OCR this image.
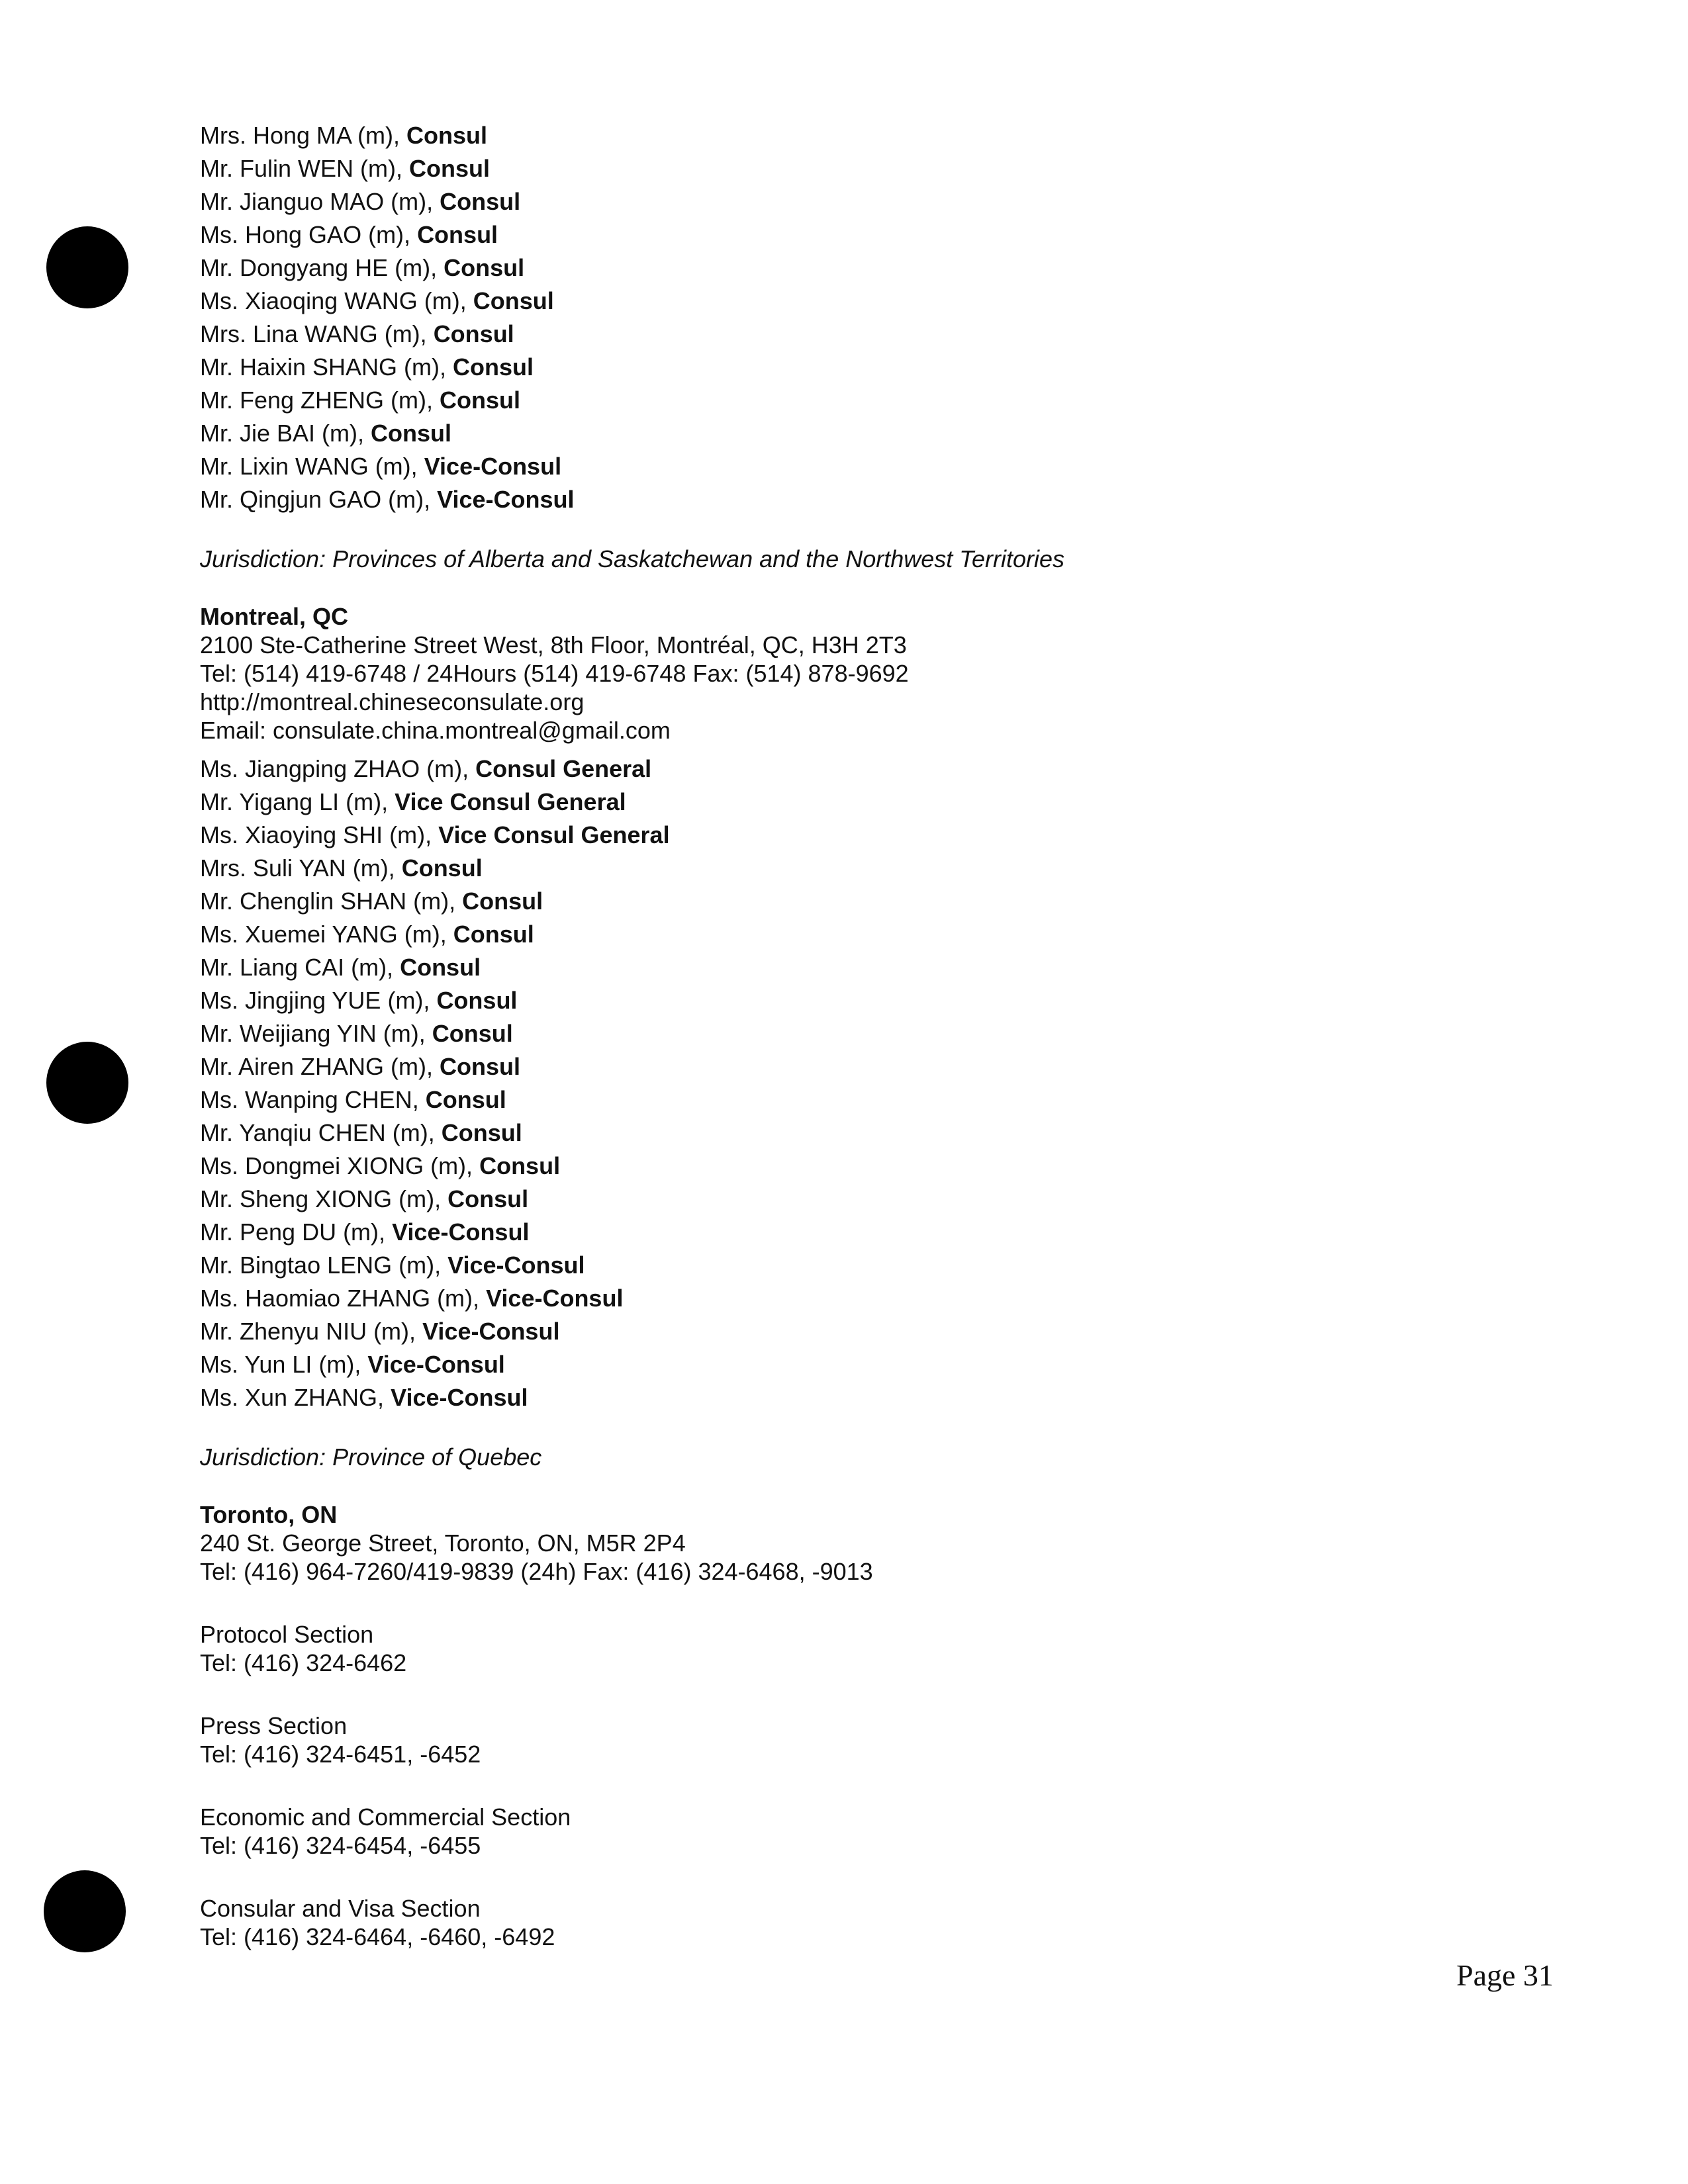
Mrs. Hong MA (m), Consul
Mr. Fulin WEN (m), Consul
Mr. Jianguo MAO (m), Consul
Ms. Hong GAO (m), Consul
Mr. Dongyang HE (m), Consul
Ms. Xiaoqing WANG (m), Consul
Mrs. Lina WANG (m), Consul
Mr. Haixin SHANG (m), Consul
Mr. Feng ZHENG (m), Consul
Mr. Jie BAI (m), Consul
Mr. Lixin WANG (m), Vice-Consul
Mr. Qingjun GAO (m), Vice-Consul
Jurisdiction: Provinces of Alberta and Saskatchewan and the Northwest Territories
Montreal, QC
2100 Ste-Catherine Street West, 8th Floor, Montréal, QC, H3H 2T3
Tel: (514) 419-6748 / 24Hours (514) 419-6748 Fax: (514) 878-9692
http://montreal.chineseconsulate.org
Email: consulate.china.montreal@gmail.com
Ms. Jiangping ZHAO (m), Consul General
Mr. Yigang LI (m), Vice Consul General
Ms. Xiaoying SHI (m), Vice Consul General
Mrs. Suli YAN (m), Consul
Mr. Chenglin SHAN (m), Consul
Ms. Xuemei YANG (m), Consul
Mr. Liang CAI (m), Consul
Ms. Jingjing YUE (m), Consul
Mr. Weijiang YIN (m), Consul
Mr. Airen ZHANG (m), Consul
Ms. Wanping CHEN, Consul
Mr. Yanqiu CHEN (m), Consul
Ms. Dongmei XIONG (m), Consul
Mr. Sheng XIONG (m), Consul
Mr. Peng DU (m), Vice-Consul
Mr. Bingtao LENG (m), Vice-Consul
Ms. Haomiao ZHANG (m), Vice-Consul
Mr. Zhenyu NIU (m), Vice-Consul
Ms. Yun LI (m), Vice-Consul
Ms. Xun ZHANG, Vice-Consul
Jurisdiction: Province of Quebec
Toronto, ON
240 St. George Street, Toronto, ON, M5R 2P4
Tel: (416) 964-7260/419-9839 (24h) Fax: (416) 324-6468, -9013
Protocol Section
Tel: (416) 324-6462
Press Section
Tel: (416) 324-6451, -6452
Economic and Commercial Section
Tel: (416) 324-6454, -6455
Consular and Visa Section
Tel: (416) 324-6464, -6460, -6492
Page 31
